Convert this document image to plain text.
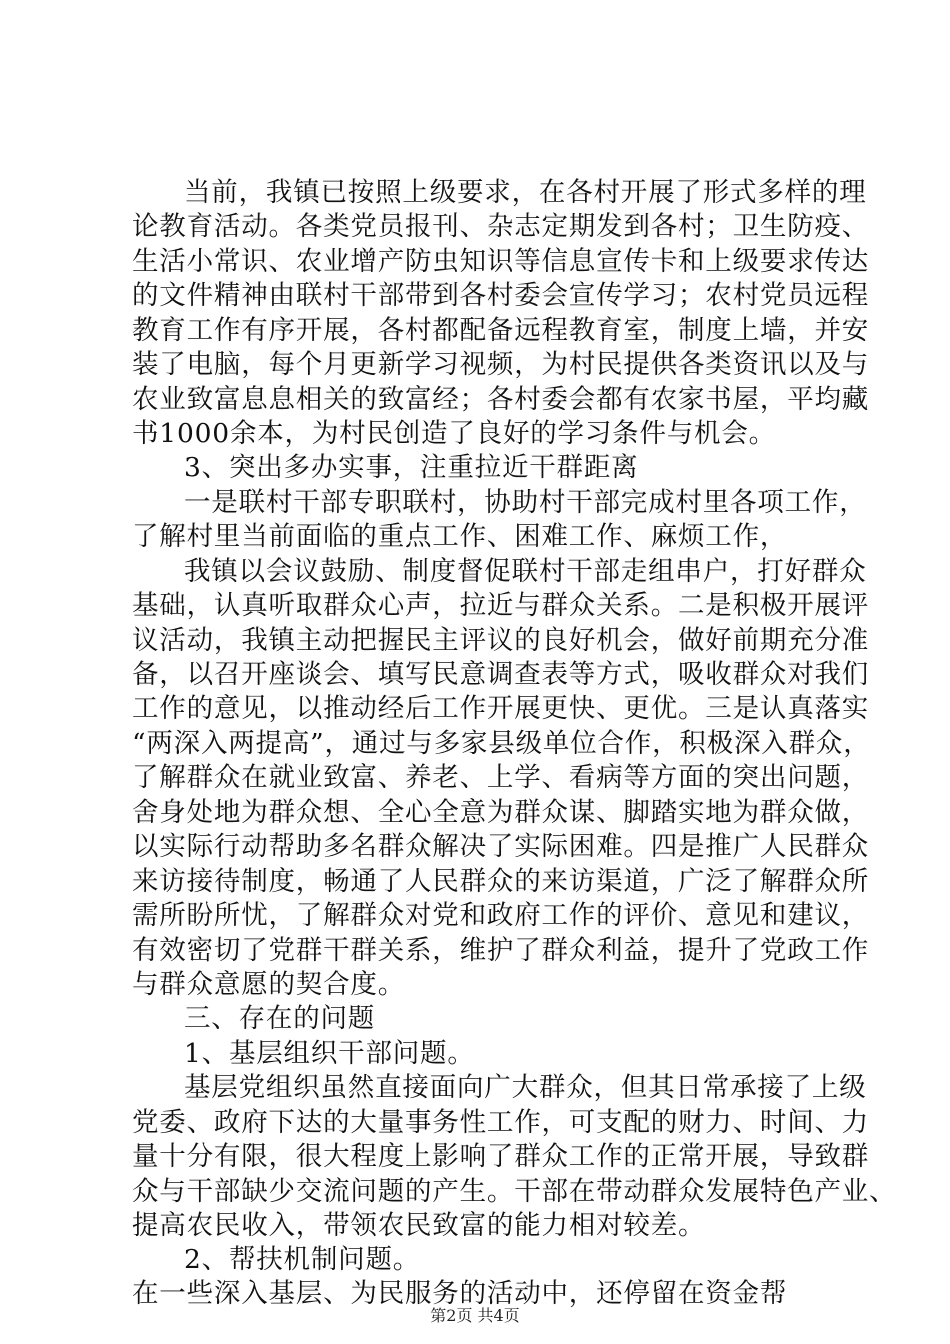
当前，我镇已按照上级要求，在各村开展了形式多样的理
论教育活动。各类党员报刊、杂志定期发到各村；卫生防疫、
生活小常识、农业增产防虫知识等信息宣传卡和上级要求传达
的文件精神由联村干部带到各村委会宣传学习；农村党员远程
教育工作有序开展，各村都配备远程教育室，制度上墙，并安
装了电脑，每个月更新学习视频，为村民提供各类资讯以及与
农业致富息息相关的致富经；各村委会都有农家书屋，平均藏
书1000余本，为村民创造了良好的学习条件与机会。
3、突出多办实事，注重拉近干群距离
一是联村干部专职联村，协助村干部完成村里各项工作，
了解村里当前面临的重点工作、困难工作、麻烦工作，
我镇以会议鼓励、制度督促联村干部走组串户，打好群众
基础，认真听取群众心声，拉近与群众关系。二是积极开展评
议活动，我镇主动把握民主评议的良好机会，做好前期充分准
备，以召开座谈会、填写民意调查表等方式，吸收群众对我们
工作的意见，以推动经后工作开展更快、更优。三是认真落实
“两深入两提高”，通过与多家县级单位合作，积极深入群众，
了解群众在就业致富、养老、上学、看病等方面的突出问题，
舍身处地为群众想、全心全意为群众谋、脚踏实地为群众做，
以实际行动帮助多名群众解决了实际困难。四是推广人民群众
来访接待制度，畅通了人民群众的来访渠道，广泛了解群众所
需所盼所忧，了解群众对党和政府工作的评价、意见和建议，
有效密切了党群干群关系，维护了群众利益，提升了党政工作
与群众意愿的契合度。
三、存在的问题
1、基层组织干部问题。
基层党组织虽然直接面向广大群众，但其日常承接了上级
党委、政府下达的大量事务性工作，可支配的财力、时间、力
量十分有限，很大程度上影响了群众工作的正常开展，导致群
众与干部缺少交流问题的产生。干部在带动群众发展特色产业、
提高农民收入，带领农民致富的能力相对较差。
2、帮扶机制问题。
在一些深入基层、为民服务的活动中，还停留在资金帮
第2页 共4页
